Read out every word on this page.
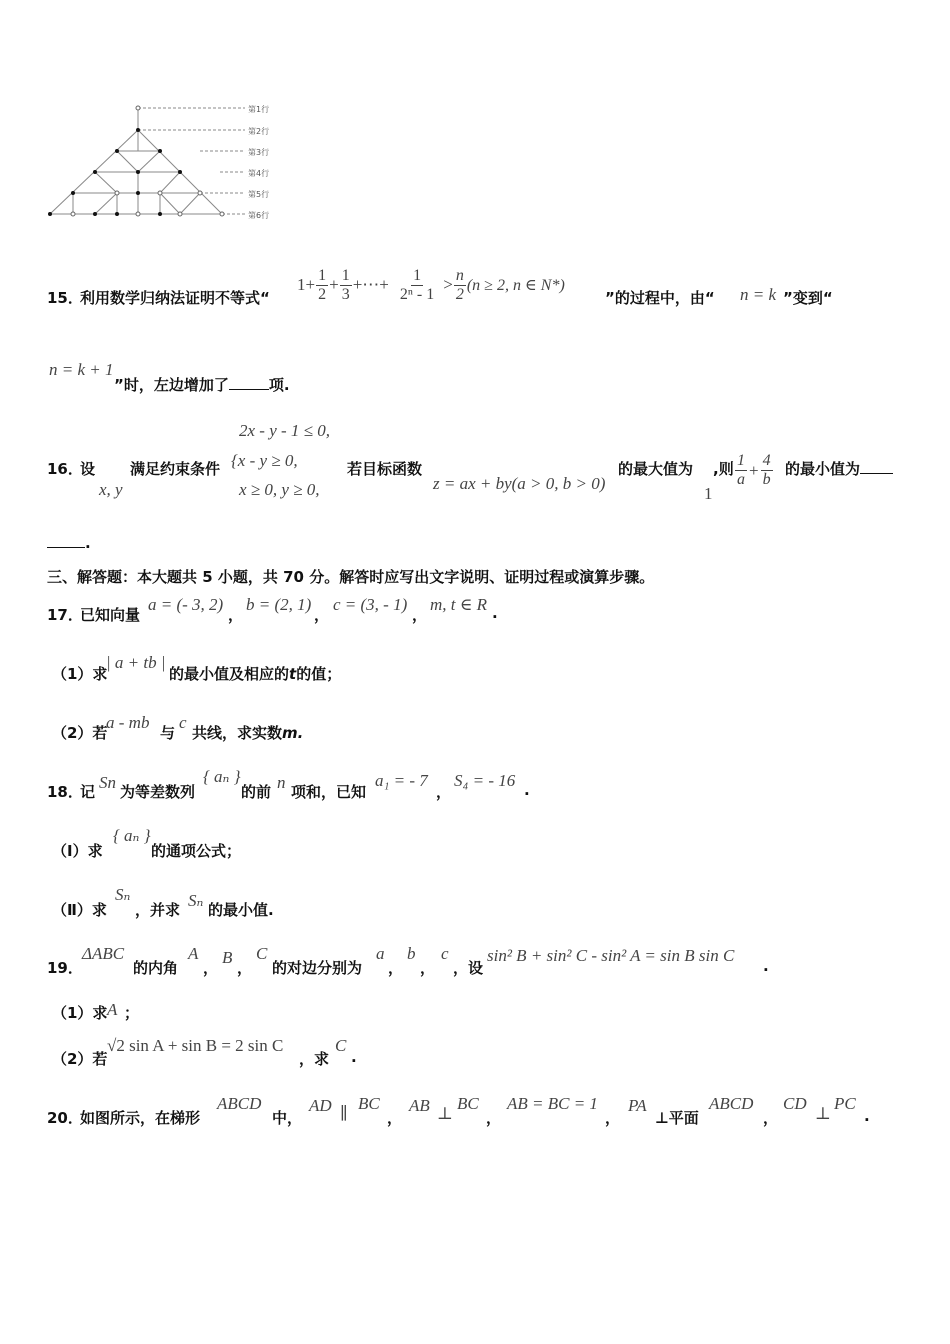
第1行
第2行
第3行
第4行
第5行
第6行
15．
利用数学归纳法证明不等式“
$1+ \frac{1}{2} + \frac{1}{3}$ +⋯+ $\frac{1}{\text{2ⁿ - 1}} > \frac{n}{2} (n \ge 2$, n ∈ N*)
”的过程中，由“ n = k ”变到“
n = k + 1
”时，左边增加了	项.
16．
设
x, y
满足约束条件
2x - y - 1 ≤ 0,
{x - y ≥ 0,
x ≥ 0, y ≥ 0,
若目标函数
z = ax + by(a > 0, b > 0)
的最大值为
1
,则 $\frac{1}{a} + \frac{4}{b}$ 的最小值为
.
三、解答题：本大题共 5 小题，共 70 分。解答时应写出文字说明、证明过程或演算步骤。
17．
已知向量
a = (- 3, 2)
，
b = (2, 1)
，
c = (3, - 1)
，
m, t ∈ R .
（1）求
| a + tb |
的最小值及相应的t的值；
（2）若
a - mb
与
c
共线，求实数m.
18．
记 Sn 为等差数列
{ aₙ }
的前 n 项和，已知
a₁ = - 7
，
S₄ = - 16 .
（Ⅰ）求
{ aₙ }
的通项公式；
（Ⅱ）求
Sₙ
，并求 Sₙ 的最小值.
19．
ΔABC
的内角
A
，
B
，
C
的对边分别为
a
，
b
，
c
，设
sin² B + sin² C - sin² A = sin B sin C
.
（1）求 A ；
（2）若
√2 sin A + sin B = 2 sin C
，求
C
.
20．
如图所示，在梯形
ABCD
中，
AD ∥
BC
，
AB ⊥
BC
，
AB = BC = 1
，
PA
⊥平面
ABCD
，
CD
⊥
PC
.
